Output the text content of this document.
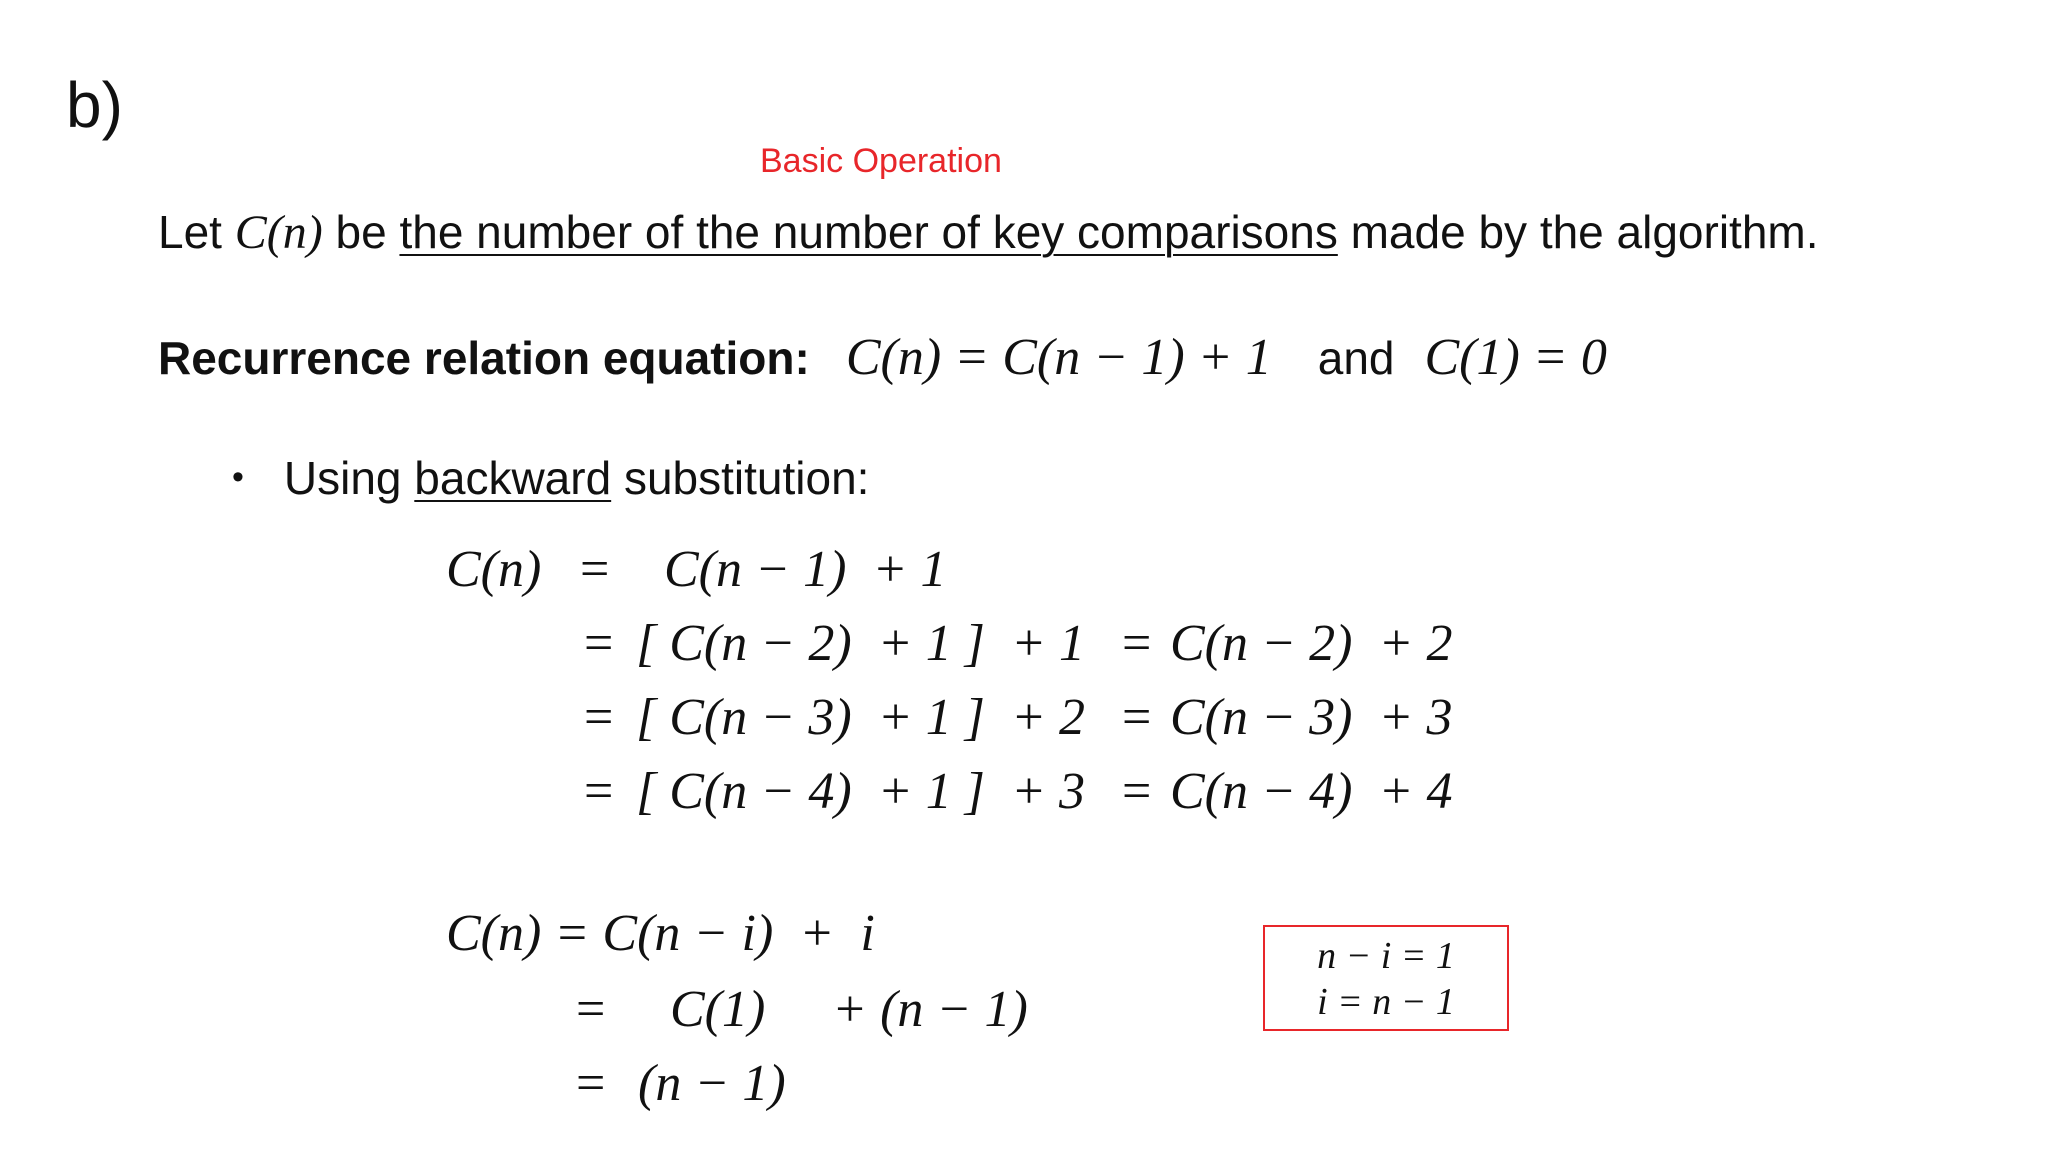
b)
Basic Operation
Let C(n) be the number of the number of key comparisons made by the algorithm.
Recurrence relation equation: C(n) = C(n − 1) + 1 and C(1) = 0
• Using backward substitution:
C(n) = C(n − 1)  + 1
= [ C(n − 2)  + 1 ]  + 1 = C(n − 2)  + 2
= [ C(n − 3)  + 1 ]  + 2 = C(n − 3)  + 3
= [ C(n − 4)  + 1 ]  + 3 = C(n − 4)  + 4
C(n) = C(n − i)  +  i
= C(1) + (n − 1)
= (n − 1)
n − i = 1
i = n − 1
